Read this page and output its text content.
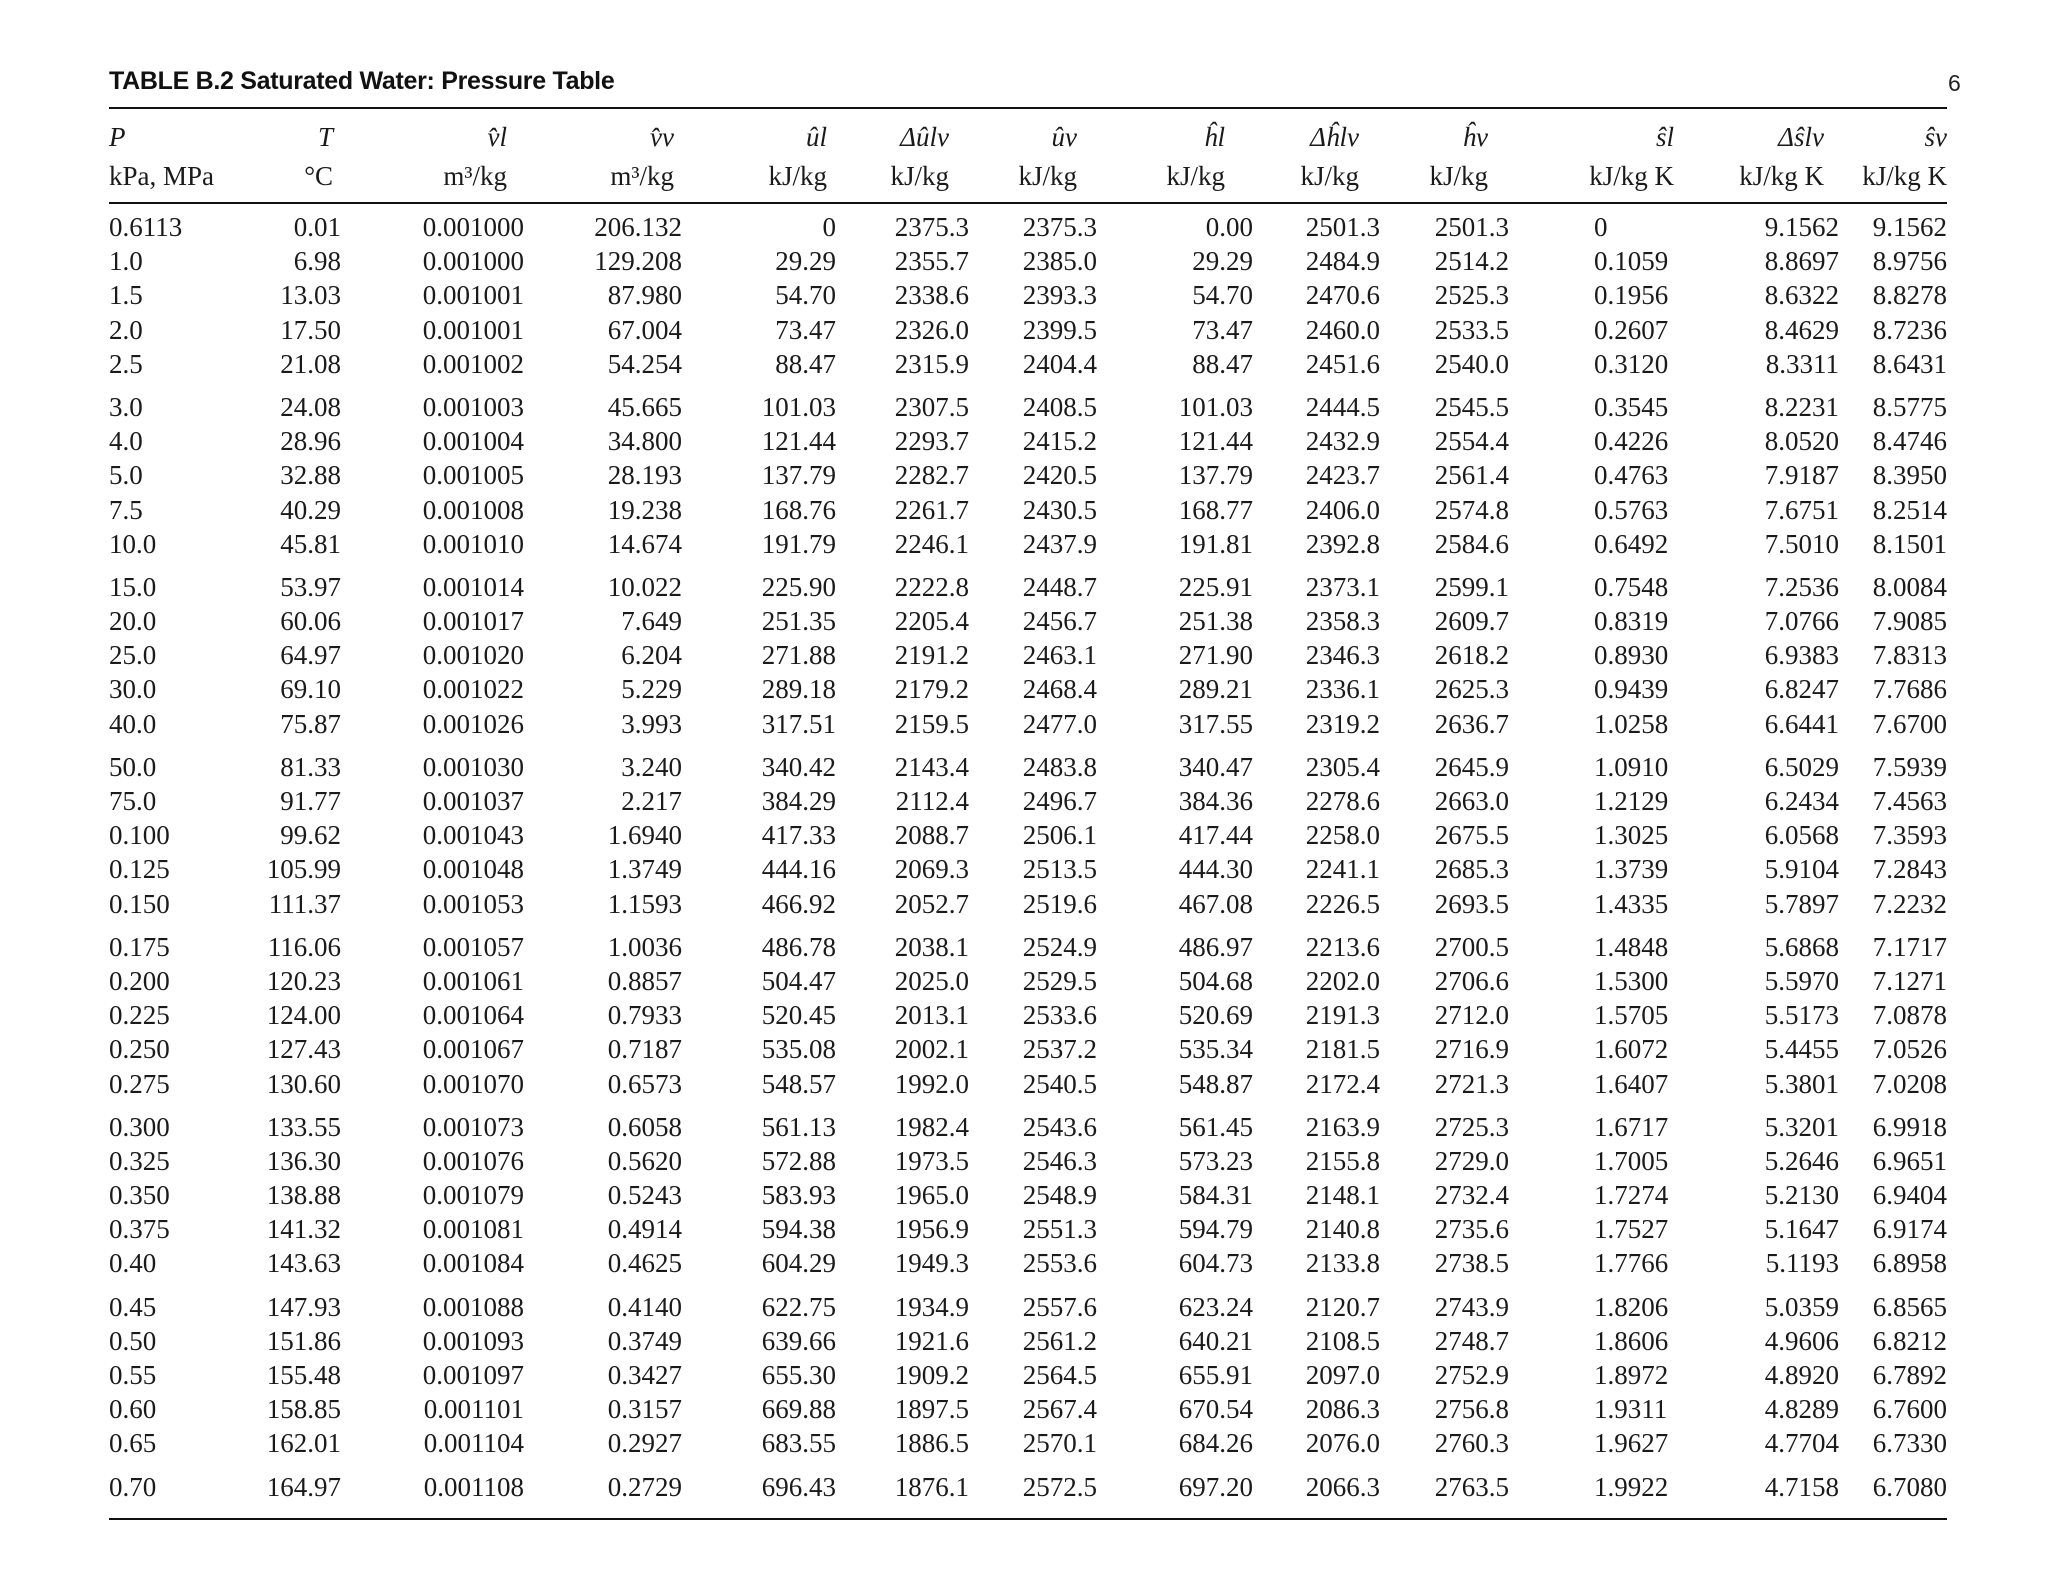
6
TABLE B.2 Saturated Water: Pressure Table
P	T	v̂l	v̂v	ûl	Δûlv	ûv	ĥl	Δĥlv	ĥv	ŝl	Δŝlv	ŝv
kPa, MPa	°C	m³/kg	m³/kg	kJ/kg	kJ/kg	kJ/kg	kJ/kg	kJ/kg	kJ/kg	kJ/kg K	kJ/kg K	kJ/kg K
0.6113	0.01	0.001000	206.132	0	2375.3	2375.3	0.00	2501.3	2501.3	0	9.1562	9.1562
1.0	6.98	0.001000	129.208	29.29	2355.7	2385.0	29.29	2484.9	2514.2	0.1059	8.8697	8.9756
1.5	13.03	0.001001	87.980	54.70	2338.6	2393.3	54.70	2470.6	2525.3	0.1956	8.6322	8.8278
2.0	17.50	0.001001	67.004	73.47	2326.0	2399.5	73.47	2460.0	2533.5	0.2607	8.4629	8.7236
2.5	21.08	0.001002	54.254	88.47	2315.9	2404.4	88.47	2451.6	2540.0	0.3120	8.3311	8.6431
3.0	24.08	0.001003	45.665	101.03	2307.5	2408.5	101.03	2444.5	2545.5	0.3545	8.2231	8.5775
4.0	28.96	0.001004	34.800	121.44	2293.7	2415.2	121.44	2432.9	2554.4	0.4226	8.0520	8.4746
5.0	32.88	0.001005	28.193	137.79	2282.7	2420.5	137.79	2423.7	2561.4	0.4763	7.9187	8.3950
7.5	40.29	0.001008	19.238	168.76	2261.7	2430.5	168.77	2406.0	2574.8	0.5763	7.6751	8.2514
10.0	45.81	0.001010	14.674	191.79	2246.1	2437.9	191.81	2392.8	2584.6	0.6492	7.5010	8.1501
15.0	53.97	0.001014	10.022	225.90	2222.8	2448.7	225.91	2373.1	2599.1	0.7548	7.2536	8.0084
20.0	60.06	0.001017	7.649	251.35	2205.4	2456.7	251.38	2358.3	2609.7	0.8319	7.0766	7.9085
25.0	64.97	0.001020	6.204	271.88	2191.2	2463.1	271.90	2346.3	2618.2	0.8930	6.9383	7.8313
30.0	69.10	0.001022	5.229	289.18	2179.2	2468.4	289.21	2336.1	2625.3	0.9439	6.8247	7.7686
40.0	75.87	0.001026	3.993	317.51	2159.5	2477.0	317.55	2319.2	2636.7	1.0258	6.6441	7.6700
50.0	81.33	0.001030	3.240	340.42	2143.4	2483.8	340.47	2305.4	2645.9	1.0910	6.5029	7.5939
75.0	91.77	0.001037	2.217	384.29	2112.4	2496.7	384.36	2278.6	2663.0	1.2129	6.2434	7.4563
0.100	99.62	0.001043	1.6940	417.33	2088.7	2506.1	417.44	2258.0	2675.5	1.3025	6.0568	7.3593
0.125	105.99	0.001048	1.3749	444.16	2069.3	2513.5	444.30	2241.1	2685.3	1.3739	5.9104	7.2843
0.150	111.37	0.001053	1.1593	466.92	2052.7	2519.6	467.08	2226.5	2693.5	1.4335	5.7897	7.2232
0.175	116.06	0.001057	1.0036	486.78	2038.1	2524.9	486.97	2213.6	2700.5	1.4848	5.6868	7.1717
0.200	120.23	0.001061	0.8857	504.47	2025.0	2529.5	504.68	2202.0	2706.6	1.5300	5.5970	7.1271
0.225	124.00	0.001064	0.7933	520.45	2013.1	2533.6	520.69	2191.3	2712.0	1.5705	5.5173	7.0878
0.250	127.43	0.001067	0.7187	535.08	2002.1	2537.2	535.34	2181.5	2716.9	1.6072	5.4455	7.0526
0.275	130.60	0.001070	0.6573	548.57	1992.0	2540.5	548.87	2172.4	2721.3	1.6407	5.3801	7.0208
0.300	133.55	0.001073	0.6058	561.13	1982.4	2543.6	561.45	2163.9	2725.3	1.6717	5.3201	6.9918
0.325	136.30	0.001076	0.5620	572.88	1973.5	2546.3	573.23	2155.8	2729.0	1.7005	5.2646	6.9651
0.350	138.88	0.001079	0.5243	583.93	1965.0	2548.9	584.31	2148.1	2732.4	1.7274	5.2130	6.9404
0.375	141.32	0.001081	0.4914	594.38	1956.9	2551.3	594.79	2140.8	2735.6	1.7527	5.1647	6.9174
0.40	143.63	0.001084	0.4625	604.29	1949.3	2553.6	604.73	2133.8	2738.5	1.7766	5.1193	6.8958
0.45	147.93	0.001088	0.4140	622.75	1934.9	2557.6	623.24	2120.7	2743.9	1.8206	5.0359	6.8565
0.50	151.86	0.001093	0.3749	639.66	1921.6	2561.2	640.21	2108.5	2748.7	1.8606	4.9606	6.8212
0.55	155.48	0.001097	0.3427	655.30	1909.2	2564.5	655.91	2097.0	2752.9	1.8972	4.8920	6.7892
0.60	158.85	0.001101	0.3157	669.88	1897.5	2567.4	670.54	2086.3	2756.8	1.9311	4.8289	6.7600
0.65	162.01	0.001104	0.2927	683.55	1886.5	2570.1	684.26	2076.0	2760.3	1.9627	4.7704	6.7330
0.70	164.97	0.001108	0.2729	696.43	1876.1	2572.5	697.20	2066.3	2763.5	1.9922	4.7158	6.7080
